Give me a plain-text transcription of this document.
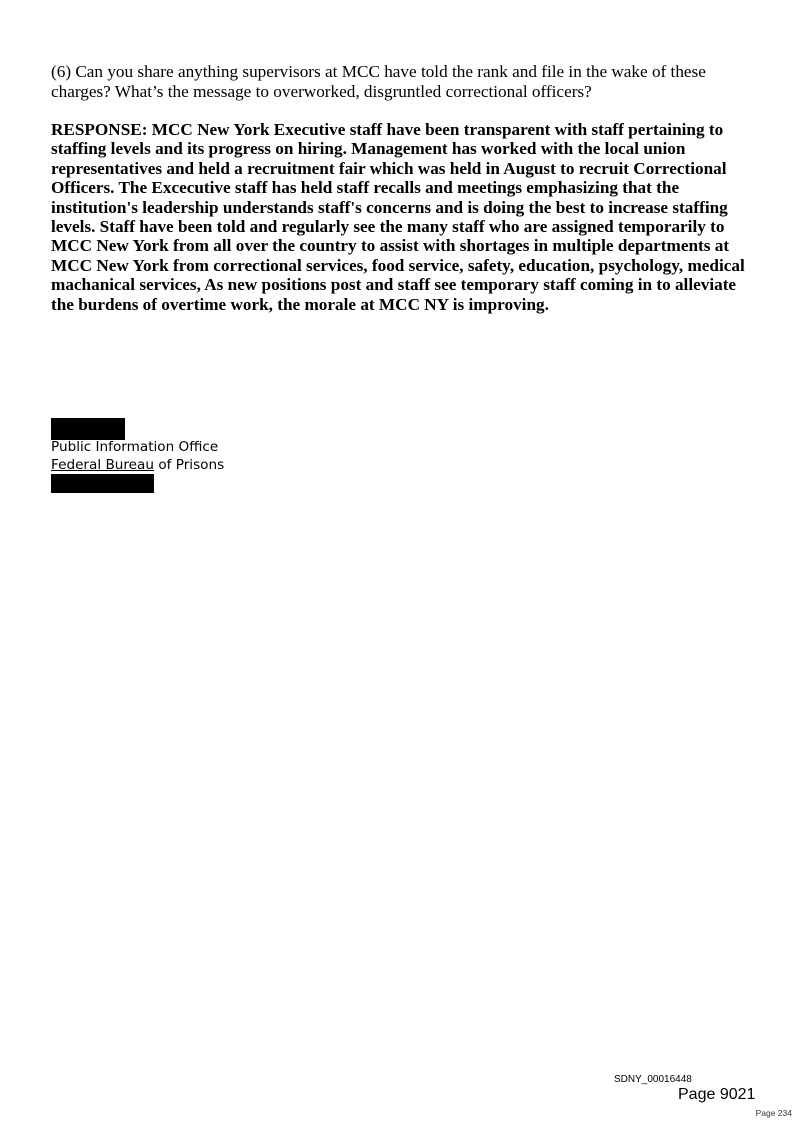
(6) Can you share anything supervisors at MCC have told the rank and file in the wake of these charges? What’s the message to overworked, disgruntled correctional officers?

RESPONSE: MCC New York Executive staff have been transparent with staff pertaining to staffing levels and its progress on hiring. Management has worked with the local union representatives and held a recruitment fair which was held in August to recruit Correctional Officers. The Excecutive staff has held staff recalls and meetings emphasizing that the institution's leadership understands staff's concerns and is doing the best to increase staffing levels. Staff have been told and regularly see the many staff who are assigned temporarily to MCC New York from all over the country to assist with shortages in multiple departments at MCC New York from correctional services, food service, safety, education, psychology, medical machanical services, As new positions post and staff see temporary staff coming in to alleviate the burdens of overtime work, the morale at MCC NY is improving.

Public Information Office
Federal Bureau of Prisons
SDNY_00016448
Page 9021
Page 234
